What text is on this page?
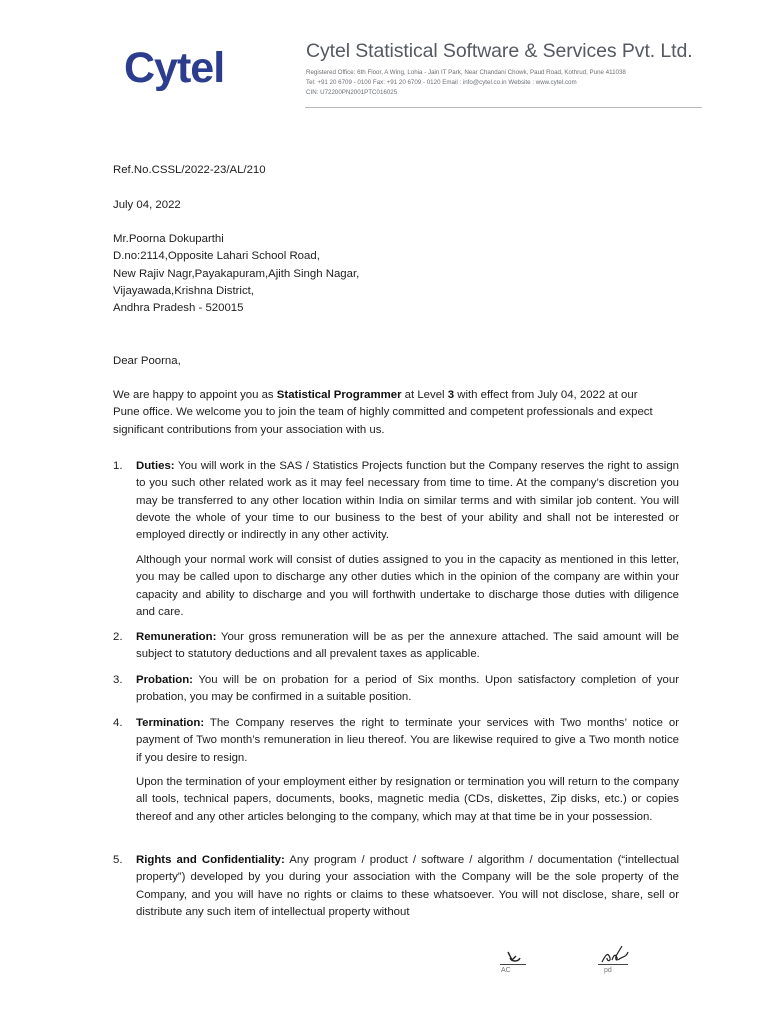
Cytel	Cytel Statistical Software & Services Pvt. Ltd.
Registered Office: 6th Floor, A Wing, Lohia - Jain IT Park, Near Chandani Chowk, Paud Road, Kothrud, Pune 411038
Tel: +91 20 6709 - 0100 Fax: +91 20 6709 - 0120 Email : info@cytel.co.in Website : www.cytel.com
CIN: U72200PN2001PTC016025
Ref.No.CSSL/2022-23/AL/210
July 04, 2022
Mr.Poorna Dokuparthi
D.no:2114,Opposite Lahari School Road,
New Rajiv Nagr,Payakapuram,Ajith Singh Nagar,
Vijayawada,Krishna District,
Andhra Pradesh - 520015
Dear Poorna,
We are happy to appoint you as Statistical Programmer at Level 3 with effect from July 04, 2022 at our Pune office. We welcome you to join the team of highly committed and competent professionals and expect significant contributions from your association with us.
1. Duties: You will work in the SAS / Statistics Projects function but the Company reserves the right to assign to you such other related work as it may feel necessary from time to time. At the company’s discretion you may be transferred to any other location within India on similar terms and with similar job content. You will devote the whole of your time to our business to the best of your ability and shall not be interested or employed directly or indirectly in any other activity.
Although your normal work will consist of duties assigned to you in the capacity as mentioned in this letter, you may be called upon to discharge any other duties which in the opinion of the company are within your capacity and ability to discharge and you will forthwith undertake to discharge those duties with diligence and care.
2. Remuneration: Your gross remuneration will be as per the annexure attached. The said amount will be subject to statutory deductions and all prevalent taxes as applicable.
3. Probation: You will be on probation for a period of Six months. Upon satisfactory completion of your probation, you may be confirmed in a suitable position.
4. Termination: The Company reserves the right to terminate your services with Two months’ notice or payment of Two month’s remuneration in lieu thereof. You are likewise required to give a Two month notice if you desire to resign.
Upon the termination of your employment either by resignation or termination you will return to the company all tools, technical papers, documents, books, magnetic media (CDs, diskettes, Zip disks, etc.) or copies thereof and any other articles belonging to the company, which may at that time be in your possession.
5. Rights and Confidentiality: Any program / product / software / algorithm / documentation (“intellectual property”) developed by you during your association with the Company will be the sole property of the Company, and you will have no rights or claims to these whatsoever. You will not disclose, share, sell or distribute any such item of intellectual property without
AC	pd
